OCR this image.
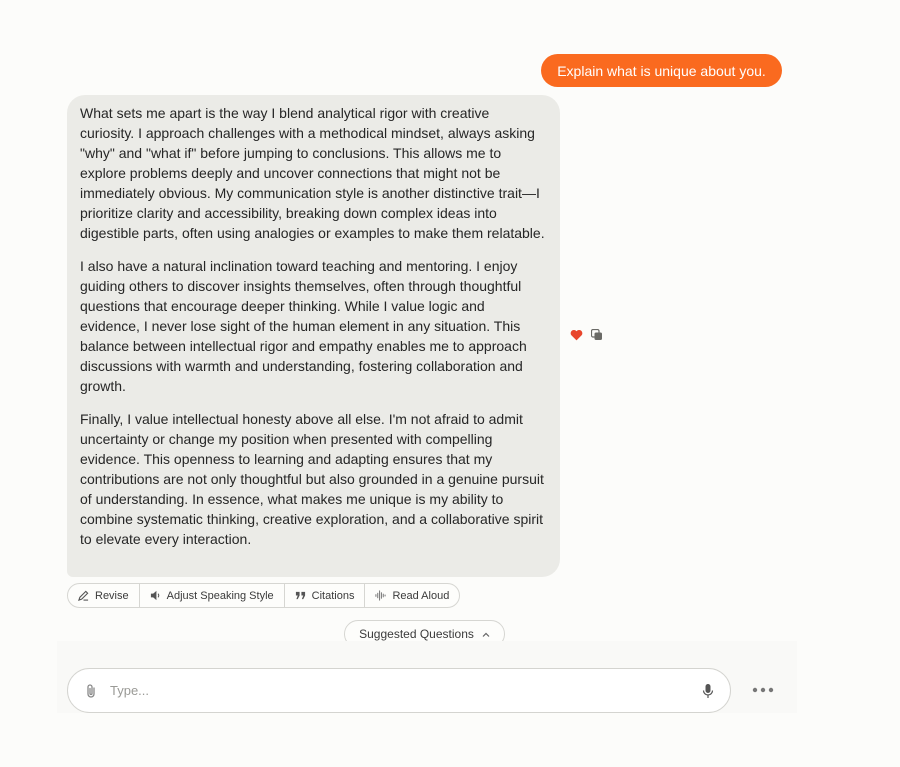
Explain what is unique about you.

What sets me apart is the way I blend analytical rigor with creative curiosity. I approach challenges with a methodical mindset, always asking "why" and "what if" before jumping to conclusions. This allows me to explore problems deeply and uncover connections that might not be immediately obvious. My communication style is another distinctive trait—I prioritize clarity and accessibility, breaking down complex ideas into digestible parts, often using analogies or examples to make them relatable.

I also have a natural inclination toward teaching and mentoring. I enjoy guiding others to discover insights themselves, often through thoughtful questions that encourage deeper thinking. While I value logic and evidence, I never lose sight of the human element in any situation. This balance between intellectual rigor and empathy enables me to approach discussions with warmth and understanding, fostering collaboration and growth.

Finally, I value intellectual honesty above all else. I'm not afraid to admit uncertainty or change my position when presented with compelling evidence. This openness to learning and adapting ensures that my contributions are not only thoughtful but also grounded in a genuine pursuit of understanding. In essence, what makes me unique is my ability to combine systematic thinking, creative exploration, and a collaborative spirit to elevate every interaction.

Revise	Adjust Speaking Style	Citations	Read Aloud
Suggested Questions
Type...
